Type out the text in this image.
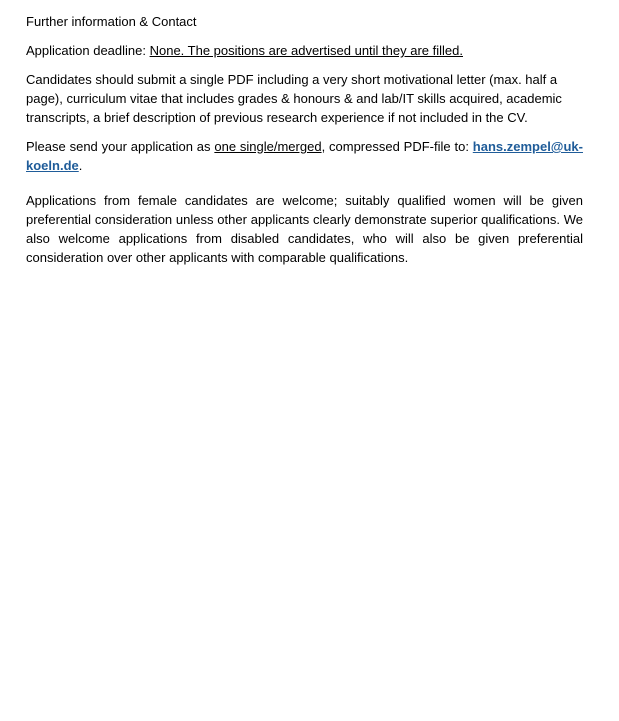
Further information & Contact
Application deadline: None. The positions are advertised until they are filled.
Candidates should submit a single PDF including a very short motivational letter (max. half a page), curriculum vitae that includes grades & honours & and lab/IT skills acquired, academic transcripts, a brief description of previous research experience if not included in the CV.
Please send your application as one single/merged, compressed PDF-file to: hans.zempel@uk-koeln.de.
Applications from female candidates are welcome; suitably qualified women will be given preferential consideration unless other applicants clearly demonstrate superior qualifications. We also welcome applications from disabled candidates, who will also be given preferential consideration over other applicants with comparable qualifications.
